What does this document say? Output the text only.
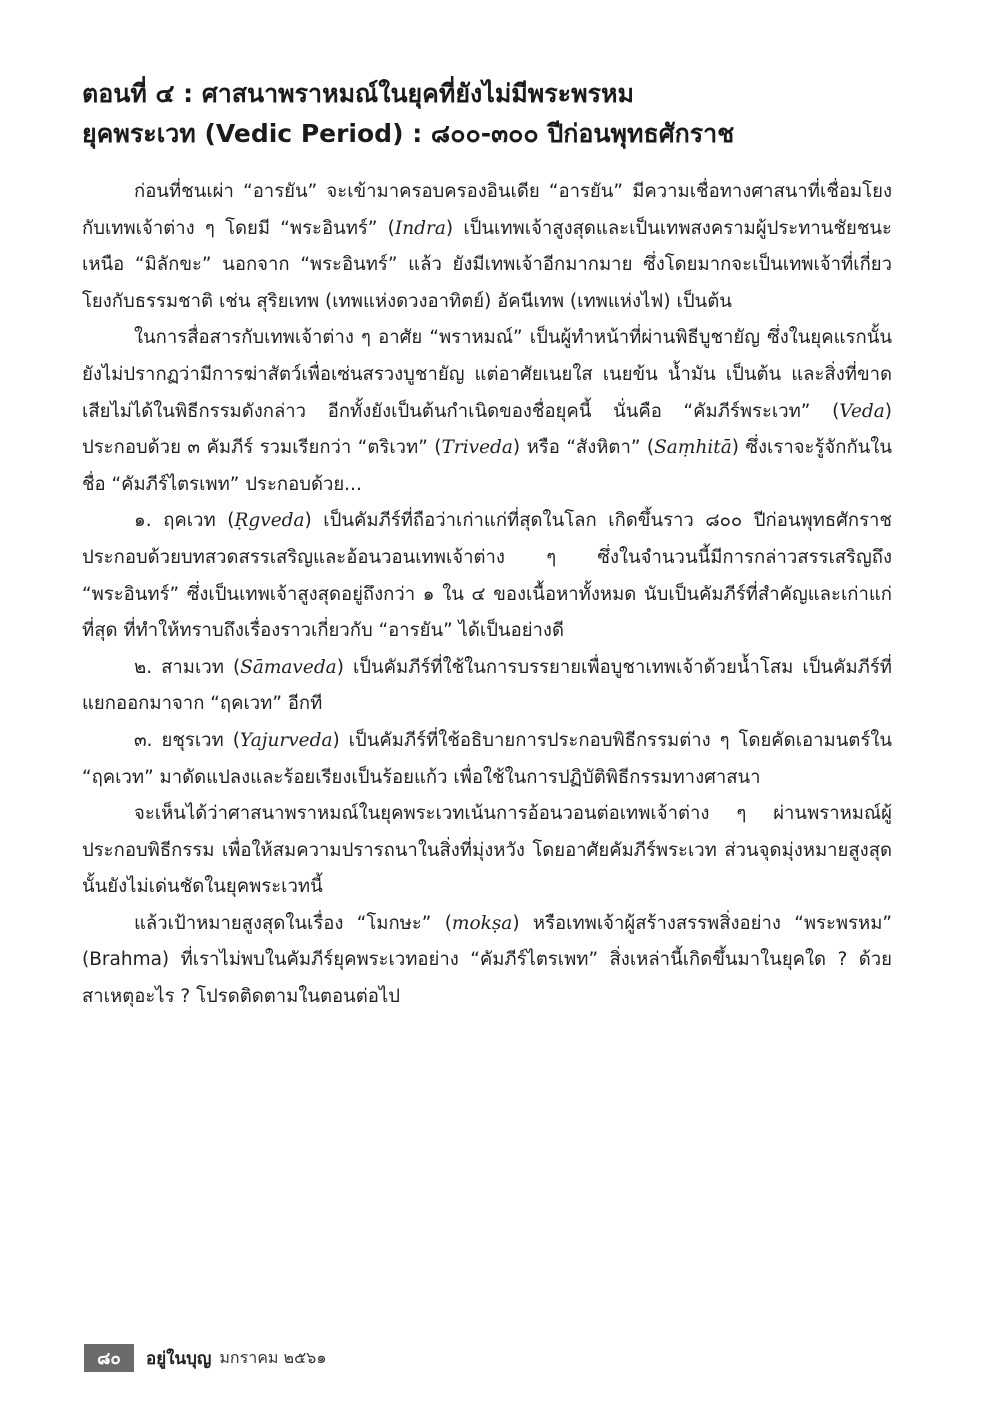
ตอนที่ ๔ : ศาสนาพราหมณ์ในยุคที่ยังไม่มีพระพรหม
ยุคพระเวท (Vedic Period) : ๘๐๐-๓๐๐ ปีก่อนพุทธศักราช

ก่อนที่ชนเผ่า “อารยัน” จะเข้ามาครอบครองอินเดีย “อารยัน” มีความเชื่อทางศาสนาที่เชื่อมโยงกับเทพเจ้าต่าง ๆ โดยมี “พระอินทร์” (Indra) เป็นเทพเจ้าสูงสุดและเป็นเทพสงครามผู้ประทานชัยชนะเหนือ “มิลักขะ” นอกจาก “พระอินทร์” แล้ว ยังมีเทพเจ้าอีกมากมาย ซึ่งโดยมากจะเป็นเทพเจ้าที่เกี่ยวโยงกับธรรมชาติ เช่น สุริยเทพ (เทพแห่งดวงอาทิตย์) อัคนีเทพ (เทพแห่งไฟ) เป็นต้น

ในการสื่อสารกับเทพเจ้าต่าง ๆ อาศัย “พราหมณ์” เป็นผู้ทำหน้าที่ผ่านพิธีบูชายัญ ซึ่งในยุคแรกนั้นยังไม่ปรากฏว่ามีการฆ่าสัตว์เพื่อเซ่นสรวงบูชายัญ แต่อาศัยเนยใส เนยข้น น้ำมัน เป็นต้น และสิ่งที่ขาดเสียไม่ได้ในพิธีกรรมดังกล่าว อีกทั้งยังเป็นต้นกำเนิดของชื่อยุคนี้ นั่นคือ “คัมภีร์พระเวท” (Veda) ประกอบด้วย ๓ คัมภีร์ รวมเรียกว่า “ตริเวท” (Triveda) หรือ “สังหิตา” (Saṃhitā) ซึ่งเราจะรู้จักกันในชื่อ “คัมภีร์ไตรเพท” ประกอบด้วย...

๑. ฤคเวท (Ṛgveda) เป็นคัมภีร์ที่ถือว่าเก่าแก่ที่สุดในโลก เกิดขึ้นราว ๘๐๐ ปีก่อนพุทธศักราช ประกอบด้วยบทสวดสรรเสริญและอ้อนวอนเทพเจ้าต่าง ๆ ซึ่งในจำนวนนี้มีการกล่าวสรรเสริญถึง “พระอินทร์” ซึ่งเป็นเทพเจ้าสูงสุดอยู่ถึงกว่า ๑ ใน ๔ ของเนื้อหาทั้งหมด นับเป็นคัมภีร์ที่สำคัญและเก่าแก่ที่สุด ที่ทำให้ทราบถึงเรื่องราวเกี่ยวกับ “อารยัน” ได้เป็นอย่างดี

๒. สามเวท (Sāmaveda) เป็นคัมภีร์ที่ใช้ในการบรรยายเพื่อบูชาเทพเจ้าด้วยน้ำโสม เป็นคัมภีร์ที่แยกออกมาจาก “ฤคเวท” อีกที

๓. ยชุรเวท (Yajurveda) เป็นคัมภีร์ที่ใช้อธิบายการประกอบพิธีกรรมต่าง ๆ โดยคัดเอามนตร์ใน “ฤคเวท” มาดัดแปลงและร้อยเรียงเป็นร้อยแก้ว เพื่อใช้ในการปฏิบัติพิธีกรรมทางศาสนา

จะเห็นได้ว่าศาสนาพราหมณ์ในยุคพระเวทเน้นการอ้อนวอนต่อเทพเจ้าต่าง ๆ ผ่านพราหมณ์ผู้ประกอบพิธีกรรม เพื่อให้สมความปรารถนาในสิ่งที่มุ่งหวัง โดยอาศัยคัมภีร์พระเวท ส่วนจุดมุ่งหมายสูงสุดนั้นยังไม่เด่นชัดในยุคพระเวทนี้

แล้วเป้าหมายสูงสุดในเรื่อง “โมกษะ” (mokṣa) หรือเทพเจ้าผู้สร้างสรรพสิ่งอย่าง “พระพรหม” (Brahma) ที่เราไม่พบในคัมภีร์ยุคพระเวทอย่าง “คัมภีร์ไตรเพท” สิ่งเหล่านี้เกิดขึ้นมาในยุคใด ? ด้วยสาเหตุอะไร ? โปรดติดตามในตอนต่อไป

๘๐	อยู่ในบุญ มกราคม ๒๕๖๑
